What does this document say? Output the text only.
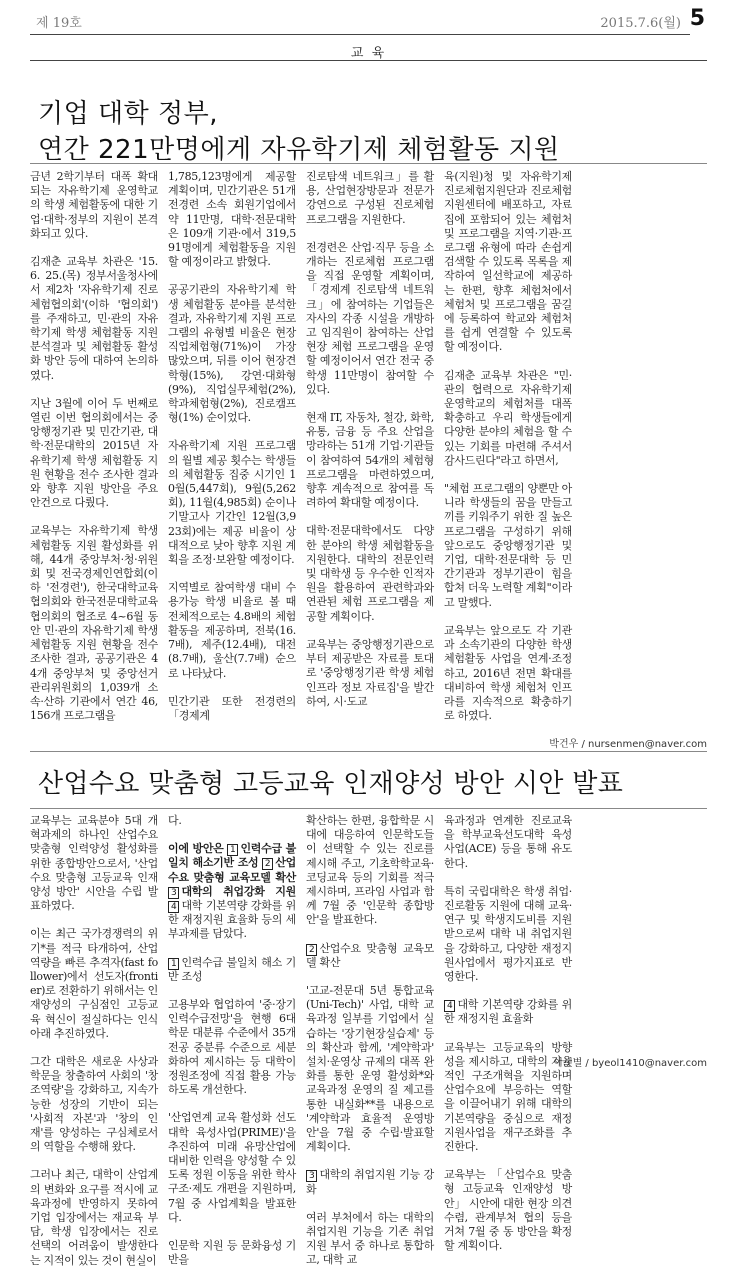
제 19호	2015.7.6(월) 5
교 육
기업 대학 정부,
연간 221만명에게 자유학기제 체험활동 지원

금년 2학기부터 대폭 확대되는 자유학기제 운영학교의 학생 체험활동에 대한 기업·대학·정부의 지원이 본격화되고 있다.

김재춘 교육부 차관은 '15. 6. 25.(목) 정부서울청사에서 제2차 '자유학기제 진로체험협의회'(이하 '협의회')를 주재하고, 민·관의 자유학기제 학생 체험활동 지원 분석결과 및 체험활동 활성화 방안 등에 대하여 논의하였다.

지난 3월에 이어 두 번째로 열린 이번 협의회에서는 중앙행정기관 및 민간기관, 대학·전문대학의 2015년 자유학기제 학생 체험활동 지원 현황을 전수 조사한 결과와 향후 지원 방안을 주요 안건으로 다뤘다.

교육부는 자유학기제 학생 체험활동 지원 활성화를 위해, 44개 중앙부처·청·위원회 및 전국경제인연합회(이하 '전경련'), 한국대학교육협의회와 한국전문대학교육협의회의 협조로 4~6월 동안 민·관의 자유학기제 학생 체험활동 지원 현황을 전수 조사한 결과, 공공기관은 44개 중앙부처 및 중앙선거관리위원회의 1,039개 소속·산하 기관에서 연간 46,156개 프로그램을

1,785,123명에게 제공할 계획이며, 민간기관은 51개 전경련 소속 회원기업에서 약 11만명, 대학·전문대학은 109개 기관·에서 319,591명에게 체험활동을 지원할 예정이라고 밝혔다.

공공기관의 자유학기제 학생 체험활동 분야를 분석한 결과, 자유학기제 지원 프로그램의 유형별 비율은 현장직업체험형(71%)이 가장 많았으며, 뒤를 이어 현장견학형(15%), 강연·대화형(9%), 직업실무체험(2%), 학과체험형(2%), 진로캠프형(1%) 순이었다.

자유학기제 지원 프로그램의 월별 제공 횟수는 학생들의 체험활동 집중 시기인 10월(5,447회), 9월(5,262회), 11월(4,985회) 순이나 기말고사 기간인 12월(3,923회)에는 제공 비율이 상대적으로 낮아 향후 지원 계획을 조정·보완할 예정이다.

지역별로 참여학생 대비 수용가능 학생 비율로 볼 때 전체적으로는 4.8배의 체험활동을 제공하며, 전북(16.7배), 제주(12.4배), 대전(8.7배), 울산(7.7배) 순으로 나타났다.

민간기관 또한 전경련의「경제계

진로탐색 네트워크」를 활용, 산업현장방문과 전문가 강연으로 구성된 진로체험 프로그램을 지원한다.

전경련은 산업·직무 등을 소개하는 진로체험 프로그램을 직접 운영할 계획이며,「경제계 진로탐색 네트워크」에 참여하는 기업들은 자사의 각종 시설을 개방하고 임직원이 참여하는 산업현장 체험 프로그램을 운영할 예정이어서 연간 전국 중학생 11만명이 참여할 수 있다.

현재 IT, 자동차, 철강, 화학, 유통, 금융 등 주요 산업을 망라하는 51개 기업·기관들이 참여하여 54개의 체험형 프로그램을 마련하였으며, 향후 계속적으로 참여를 독려하여 확대할 예정이다.

대학·전문대학에서도 다양한 분야의 학생 체험활동을 지원한다. 대학의 전문인력 및 대학생 등 우수한 인적자원을 활용하여 관련학과와 연관된 체험 프로그램을 제공할 계획이다.

교육부는 중앙행정기관으로부터 제공받은 자료를 토대로 '중앙행정기관 학생 체험 인프라 정보 자료집'을 발간하여, 시·도교

육(지원)청 및 자유학기제 진로체험지원단과 진로체험지원센터에 배포하고, 자료집에 포함되어 있는 체험처 및 프로그램을 지역·기관·프로그램 유형에 따라 손쉽게 검색할 수 있도록 목록을 제작하여 일선학교에 제공하는 한편, 향후 체험처에서 체험처 및 프로그램을 꿈길에 등록하여 학교와 체험처를 쉽게 연결할 수 있도록 할 예정이다.

김재춘 교육부 차관은 "민·관의 협력으로 자유학기제 운영학교의 체험처를 대폭 확충하고 우리 학생들에게 다양한 분야의 체험을 할 수 있는 기회를 마련해 주셔서 감사드린다"라고 하면서,

"체험 프로그램의 양뿐만 아니라 학생들의 꿈을 만들고 끼를 키워주기 위한 질 높은 프로그램을 구성하기 위해 앞으로도 중앙행정기관 및 기업, 대학·전문대학 등 민간기관과 정부기관이 힘을 합쳐 더욱 노력할 계획"이라고 말했다.

교육부는 앞으로도 각 기관과 소속기관의 다양한 학생 체험활동 사업을 연계·조정하고, 2016년 전면 확대를 대비하여 학생 체험처 인프라를 지속적으로 확충하기로 하였다.

박건우 / nursenmen@naver.com
산업수요 맞춤형 고등교육 인재양성 방안 시안 발표

교육부는 교육분야 5대 개혁과제의 하나인 산업수요 맞춤형 인력양성 활성화를 위한 종합방안으로서, '산업수요 맞춤형 고등교육 인재양성 방안' 시안을 수립 발표하였다.

이는 최근 국가경쟁력의 위기*를 적극 타개하여, 산업역량을 빠른 추격자(fast follower)에서 선도자(frontier)로 전환하기 위해서는 인재양성의 구심점인 고등교육 혁신이 절실하다는 인식 아래 추진하였다.

그간 대학은 새로운 사상과 학문을 창출하여 사회의 '창조역량'을 강화하고, 지속가능한 성장의 기반이 되는 '사회적 자본'과 '창의 인재'를 양성하는 구심체로서의 역할을 수행해 왔다.

그러나 최근, 대학이 산업계의 변화와 요구를 적시에 교육과정에 반영하지 못하여 기업 입장에서는 재교육 부담, 학생 입장에서는 진로 선택의 어려움이 발생한다는 지적이 있는 것이 현실이

다.

이에 방안은 1 인력수급 불일치 해소기반 조성 2 산업수요 맞춤형 교육모델 확산 3 대학의 취업강화 지원 4 대학 기본역량 강화를 위한 재정지원 효율화 등의 세부과제를 담았다.

1 인력수급 불일치 해소 기반 조성

고용부와 협업하여 '중·장기 인력수급전망'을 현행 6대 학문 대분류 수준에서 35개 전공 중분류 수준으로 세분화하여 제시하는 등 대학이 정원조정에 직접 활용 가능하도록 개선한다.

'산업연계 교육 활성화 선도대학 육성사업(PRIME)'을 추진하여 미래 유망산업에 대비한 인력을 양성할 수 있도록 정원 이동을 위한 학사구조·제도 개편을 지원하며, 7월 중 사업계획을 발표한다.

인문학 지원 등 문화융성 기반을

확산하는 한편, 융합학문 시대에 대응하여 인문학도들이 선택할 수 있는 진로를 제시해 주고, 기초학학교육·코딩교육 등의 기회를 적극 제시하며, 프라임 사업과 함께 7월 중 '인문학 종합방안'을 발표한다.

2 산업수요 맞춤형 교육모델 확산

'고교-전문대 5년 통합교육(Uni-Tech)' 사업, 대학 교육과정 일부를 기업에서 실습하는 '장기현장실습제' 등의 확산과 함께, '계약학과' 설치·운영상 규제의 대폭 완화를 통한 운영 활성화*와 교육과정 운영의 질 제고를 통한 내실화**를 내용으로 '계약학과 효율적 운영방안'을 7월 중 수립·발표할 계획이다.

3 대학의 취업지원 기능 강화

여러 부처에서 하는 대학의 취업지원 기능을 기존 취업지원 부서 중 하나로 통합하고, 대학 교

육과정과 연계한 진로교육을 학부교육선도대학 육성사업(ACE) 등을 통해 유도한다.

특히 국립대학은 학생 취업·진로활동 지원에 대해 교육·연구 및 학생지도비를 지원받으로써 대학 내 취업지원을 강화하고, 다양한 재정지원사업에서 평가지표로 반영한다.

4 대학 기본역량 강화를 위한 재정지원 효율화

교육부는 고등교육의 방향성을 제시하고, 대학의 자율적인 구조개혁을 지원하며 산업수요에 부응하는 역할을 이끌어내기 위해 대학의 기본역량을 중심으로 재정지원사업을 재구조화를 추진한다.

교육부는 「산업수요 맞춤형 고등교육 인재양성 방안」 시안에 대한 현장 의견수렴, 관계부처 협의 등을 거쳐 7월 중 동 방안을 확정할 계획이다.

이샛별 / byeol1410@naver.com
